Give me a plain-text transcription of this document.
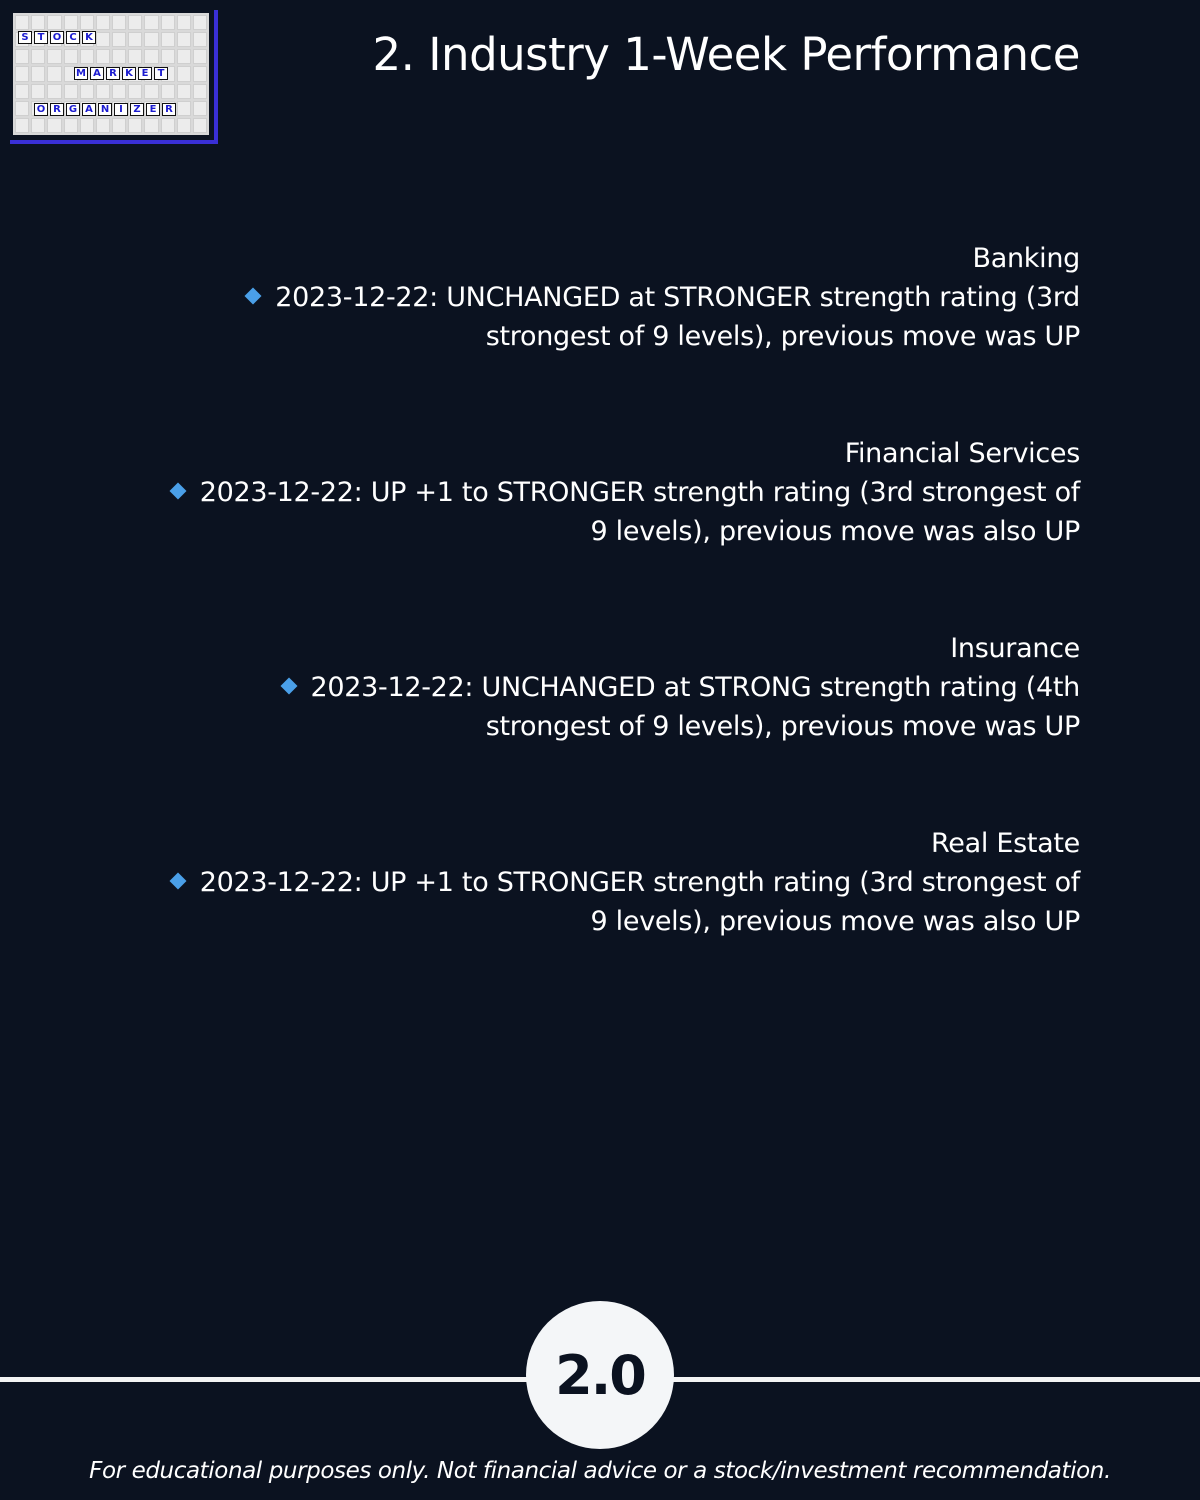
S T O C K
M A R K E T
O R G A N I	Z E R
2. Industry 1-Week Performance
Banking
2023-12-22: UNCHANGED at STRONGER strength rating (3rd
strongest of 9 levels), previous move was UP
Financial Services
2023-12-22: UP +1 to STRONGER strength rating (3rd strongest of
9 levels), previous move was also UP
Insurance
2023-12-22: UNCHANGED at STRONG strength rating (4th
strongest of 9 levels), previous move was UP
Real Estate
2023-12-22: UP +1 to STRONGER strength rating (3rd strongest of
9 levels), previous move was also UP
2.0
For educational purposes only. Not financial advice or a stock/investment recommendation.
